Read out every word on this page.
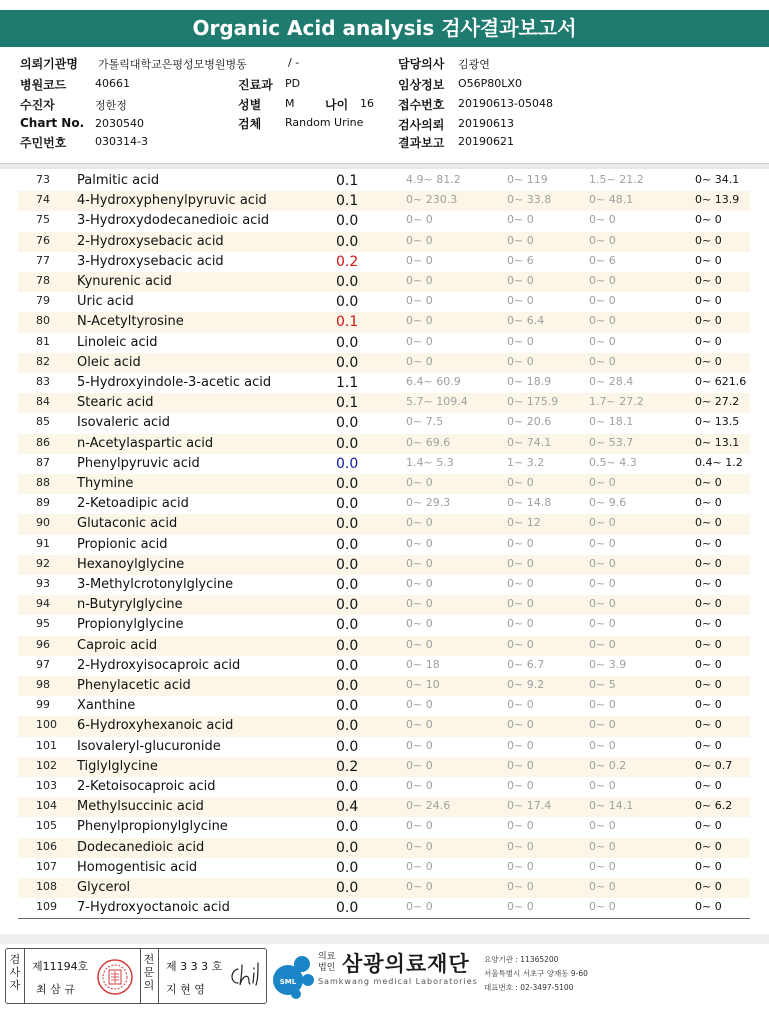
Organic Acid analysis 검사결과보고서
의뢰기관명 가톨릭대학교은평성모병원병동	/ -	담당의사 김광연
병원코드	40661	진료과 PD	임상정보 O56P80LX0
수진자	정한정	성별 M	나이 16 접수번호 20190613-05048
Chart No. 2030540	검체 Random Urine	검사의뢰 20190613
주민번호	030314-3	결과보고 20190621
73	Palmitic acid	0.1	4.9~ 81.2	0~ 119	1.5~ 21.2	0~ 34.1
74	4-Hydroxyphenylpyruvic acid	0.1	0~ 230.3	0~ 33.8	0~ 48.1	0~ 13.9
75	3-Hydroxydodecanedioic acid	0.0	0~ 0	0~ 0	0~ 0	0~ 0
76	2-Hydroxysebacic acid	0.0	0~ 0	0~ 0	0~ 0	0~ 0
77	3-Hydroxysebacic acid	0.2	0~ 0	0~ 6	0~ 6	0~ 0
78	Kynurenic acid	0.0	0~ 0	0~ 0	0~ 0	0~ 0
79	Uric acid	0.0	0~ 0	0~ 0	0~ 0	0~ 0
80	N-Acetyltyrosine	0.1	0~ 0	0~ 6.4	0~ 0	0~ 0
81	Linoleic acid	0.0	0~ 0	0~ 0	0~ 0	0~ 0
82	Oleic acid	0.0	0~ 0	0~ 0	0~ 0	0~ 0
83	5-Hydroxyindole-3-acetic acid	1.1	6.4~ 60.9	0~ 18.9	0~ 28.4	0~ 621.6
84	Stearic acid	0.1	5.7~ 109.4	0~ 175.9	1.7~ 27.2	0~ 27.2
85	Isovaleric acid	0.0	0~ 7.5	0~ 20.6	0~ 18.1	0~ 13.5
86	n-Acetylaspartic acid	0.0	0~ 69.6	0~ 74.1	0~ 53.7	0~ 13.1
87	Phenylpyruvic acid	0.0	1.4~ 5.3	1~ 3.2	0.5~ 4.3	0.4~ 1.2
88	Thymine	0.0	0~ 0	0~ 0	0~ 0	0~ 0
89	2-Ketoadipic acid	0.0	0~ 29.3	0~ 14.8	0~ 9.6	0~ 0
90	Glutaconic acid	0.0	0~ 0	0~ 12	0~ 0	0~ 0
91	Propionic acid	0.0	0~ 0	0~ 0	0~ 0	0~ 0
92	Hexanoylglycine	0.0	0~ 0	0~ 0	0~ 0	0~ 0
93	3-Methylcrotonylglycine	0.0	0~ 0	0~ 0	0~ 0	0~ 0
94	n-Butyrylglycine	0.0	0~ 0	0~ 0	0~ 0	0~ 0
95	Propionylglycine	0.0	0~ 0	0~ 0	0~ 0	0~ 0
96	Caproic acid	0.0	0~ 0	0~ 0	0~ 0	0~ 0
97	2-Hydroxyisocaproic acid	0.0	0~ 18	0~ 6.7	0~ 3.9	0~ 0
98	Phenylacetic acid	0.0	0~ 10	0~ 9.2	0~ 5	0~ 0
99	Xanthine	0.0	0~ 0	0~ 0	0~ 0	0~ 0
100	6-Hydroxyhexanoic acid	0.0	0~ 0	0~ 0	0~ 0	0~ 0
101	Isovaleryl-glucuronide	0.0	0~ 0	0~ 0	0~ 0	0~ 0
102	Tiglylglycine	0.2	0~ 0	0~ 0	0~ 0.2	0~ 0.7
103	2-Ketoisocaproic acid	0.0	0~ 0	0~ 0	0~ 0	0~ 0
104	Methylsuccinic acid	0.4	0~ 24.6	0~ 17.4	0~ 14.1	0~ 6.2
105	Phenylpropionylglycine	0.0	0~ 0	0~ 0	0~ 0	0~ 0
106	Dodecanedioic acid	0.0	0~ 0	0~ 0	0~ 0	0~ 0
107	Homogentisic acid	0.0	0~ 0	0~ 0	0~ 0	0~ 0
108	Glycerol	0.0	0~ 0	0~ 0	0~ 0	0~ 0
109	7-Hydroxyoctanoic acid	0.0	0~ 0	0~ 0	0~ 0	0~ 0
검
사
자
제11194호
최 삼 규
전
문
의
제 3 3 3 호
지 현 영
SML
의료
법인 삼광의료재단
Samkwang medical Laboratories
요양기관 : 11365200
서울특별시 서초구 양재동 9-60
대표번호 : 02-3497-5100
